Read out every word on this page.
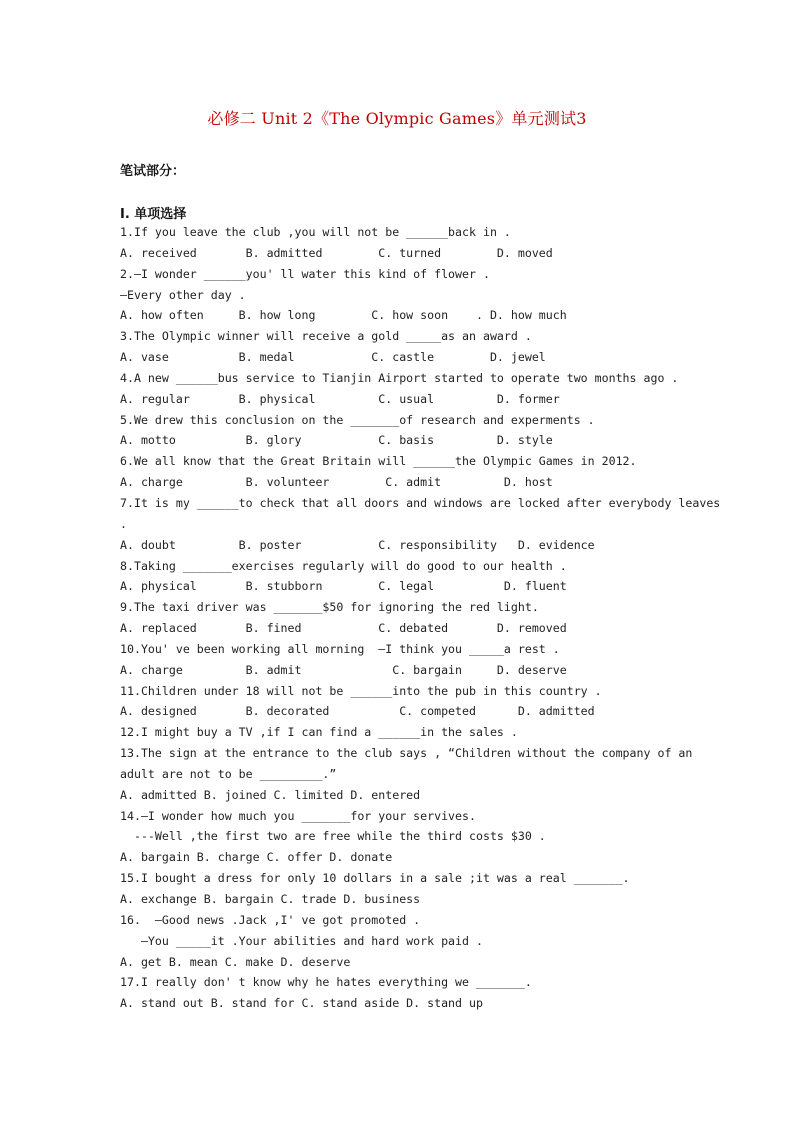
必修二 Unit 2《The Olympic Games》单元测试3
笔试部分：
I. 单项选择
1.If you leave the club ,you will not be ______back in .
A. received       B. admitted        C. turned        D. moved
2.—I wonder ______you' ll water this kind of flower .
—Every other day .
A. how often     B. how long        C. how soon    . D. how much
3.The Olympic winner will receive a gold _____as an award .
A. vase          B. medal           C. castle        D. jewel
4.A new ______bus service to Tianjin Airport started to operate two months ago .
A. regular       B. physical         C. usual         D. former
5.We drew this conclusion on the _______of research and experments .
A. motto          B. glory           C. basis         D. style
6.We all know that the Great Britain will ______the Olympic Games in 2012.
A. charge         B. volunteer        C. admit         D. host
7.It is my ______to check that all doors and windows are locked after everybody leaves
.
A. doubt         B. poster           C. responsibility   D. evidence
8.Taking _______exercises regularly will do good to our health .
A. physical       B. stubborn        C. legal          D. fluent
9.The taxi driver was _______$50 for ignoring the red light.
A. replaced       B. fined           C. debated       D. removed
10.You' ve been working all morning  –I think you _____a rest .
A. charge         B. admit             C. bargain     D. deserve
11.Children under 18 will not be ______into the pub in this country .
A. designed       B. decorated          C. competed      D. admitted
12.I might buy a TV ,if I can find a ______in the sales .
13.The sign at the entrance to the club says , “Children without the company of an
adult are not to be _________.”
A. admitted B. joined C. limited D. entered
14.—I wonder how much you _______for your servives.
---Well ,the first two are free while the third costs $30 .
A. bargain B. charge C. offer D. donate
15.I bought a dress for only 10 dollars in a sale ;it was a real _______.
A. exchange B. bargain C. trade D. business
16.  —Good news .Jack ,I' ve got promoted .
—You _____it .Your abilities and hard work paid .
A. get B. mean C. make D. deserve
17.I really don' t know why he hates everything we _______.
A. stand out B. stand for C. stand aside D. stand up
